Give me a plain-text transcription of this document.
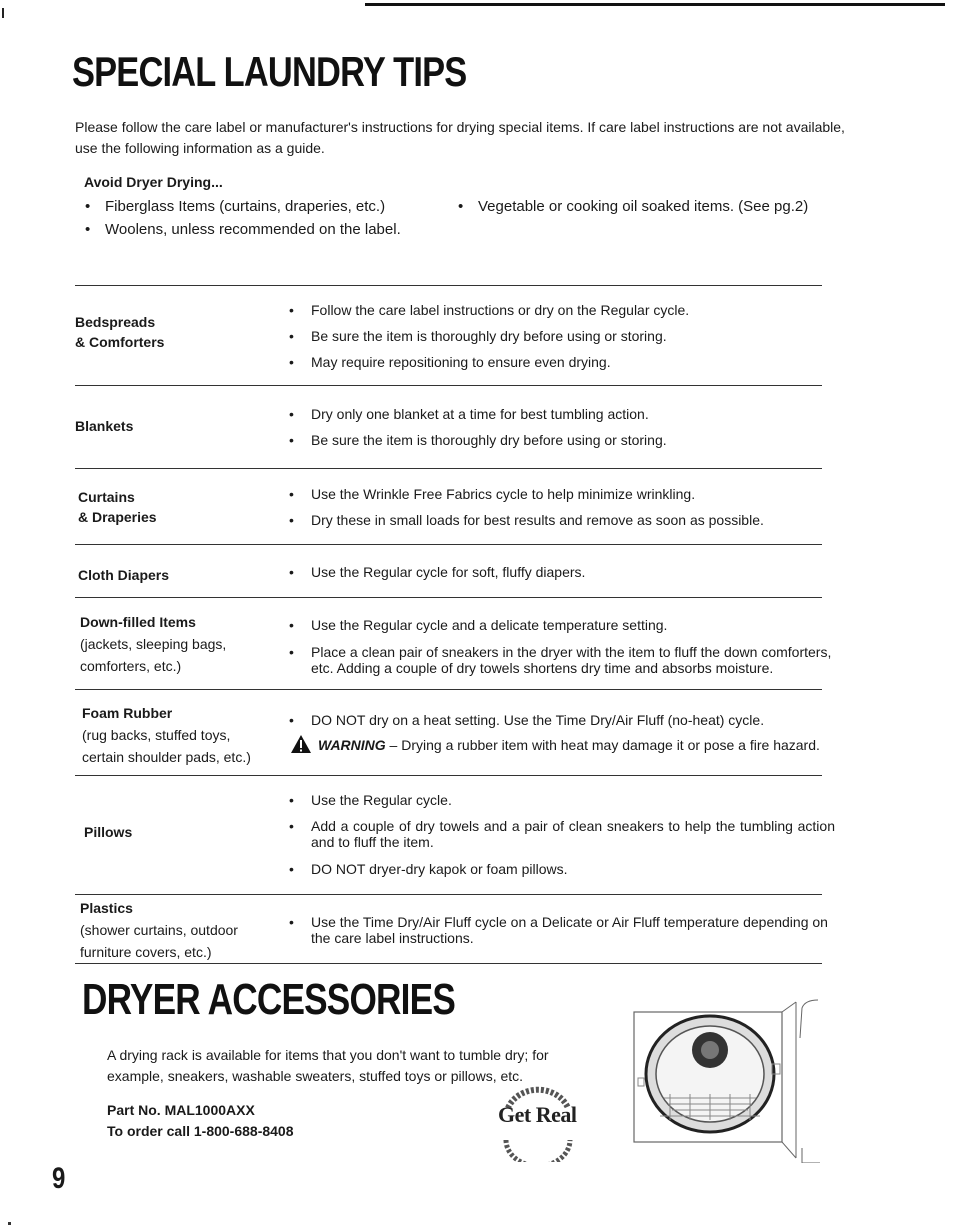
SPECIAL LAUNDRY TIPS

Please follow the care label or manufacturer's instructions for drying special items. If care label instructions are not available, use the following information as a guide.

Avoid Dryer Drying...

• Fiberglass Items (curtains, draperies, etc.)
• Woolens, unless recommended on the label.
• Vegetable or cooking oil soaked items. (See pg.2)
Bedspreads
& Comforters
• Follow the care label instructions or dry on the Regular cycle.
• Be sure the item is thoroughly dry before using or storing.
• May require repositioning to ensure even drying.
Blankets
• Dry only one blanket at a time for best tumbling action.
• Be sure the item is thoroughly dry before using or storing.
Curtains
& Draperies
• Use the Wrinkle Free Fabrics cycle to help minimize wrinkling.
• Dry these in small loads for best results and remove as soon as possible.
Cloth Diapers
•	Use the Regular cycle for soft, fluffy diapers.
Down-filled Items
(jackets, sleeping bags,
comforters, etc.)
• Use the Regular cycle and a delicate temperature setting.
• Place a clean pair of sneakers in the dryer with the item to fluff the down comforters, etc. Adding a couple of dry towels shortens dry time and absorbs moisture.
Foam Rubber
(rug backs, stuffed toys,
certain shoulder pads, etc.)
• DO NOT dry on a heat setting. Use the Time Dry/Air Fluff (no-heat) cycle.
WARNING – Drying a rubber item with heat may damage it or pose a fire hazard.
Pillows
• Use the Regular cycle.
• Add a couple of dry towels and a pair of clean sneakers to help the tumbling action and to fluff the item.
• DO NOT dryer-dry kapok or foam pillows.
Plastics
(shower curtains, outdoor
furniture covers, etc.)
• Use the Time Dry/Air Fluff cycle on a Delicate or Air Fluff temperature depending on the care label instructions.
DRYER ACCESSORIES

A drying rack is available for items that you don't want to tumble dry; for example, sneakers, washable sweaters, stuffed toys or pillows, etc.

Part No. MAL1000AXX
To order call 1-800-688-8408

Get Real

9
